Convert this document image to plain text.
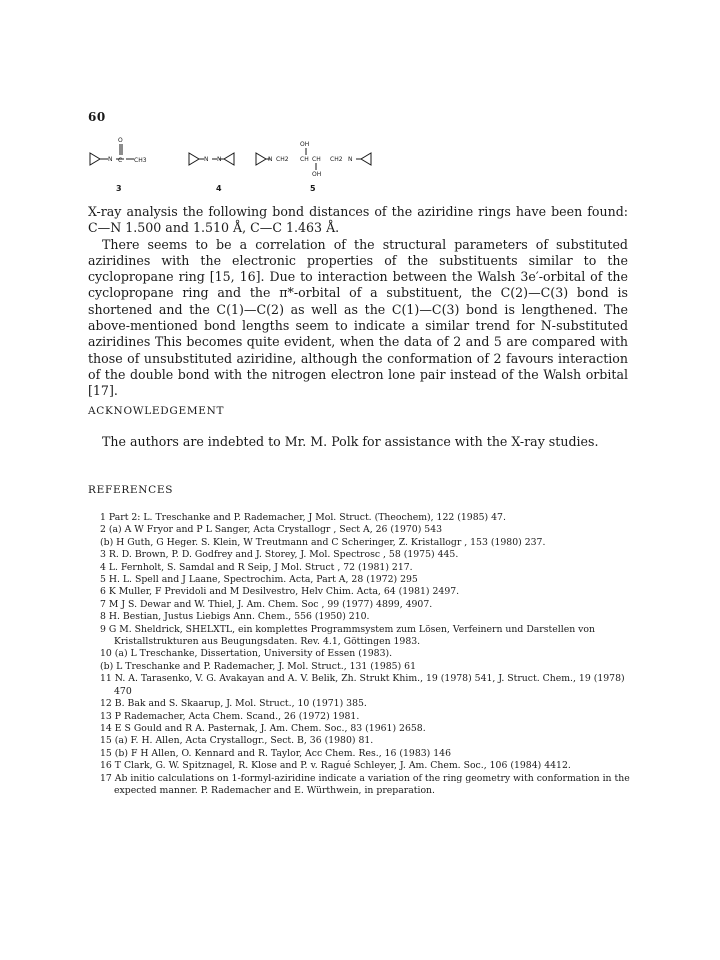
60
N
O
C CH3	N N	N CH2 CH
OH
CH
OH
CH2 N
3	4	5

X-ray analysis the following bond distances of the aziridine rings have been found: C—N 1.500 and 1.510 Å, C—C 1.463 Å.

There seems to be a correlation of the structural parameters of substituted aziridines with the electronic properties of the substituents similar to the cyclopropane ring [15, 16]. Due to interaction between the Walsh 3e′-orbital of the cyclopropane ring and the π*-orbital of a substituent, the C(2)—C(3) bond is shortened and the C(1)—C(2) as well as the C(1)—C(3) bond is lengthened. The above-mentioned bond lengths seem to indicate a similar trend for N-substituted aziridines This becomes quite evident, when the data of 2 and 5 are compared with those of unsubstituted aziridine, although the conformation of 2 favours interaction of the double bond with the nitrogen electron lone pair instead of the Walsh orbital [17].

ACKNOWLEDGEMENT

The authors are indebted to Mr. M. Polk for assistance with the X-ray studies.

REFERENCES
1 Part 2: L. Treschanke and P. Rademacher, J Mol. Struct. (Theochem), 122 (1985) 47.
2 (a) A W Fryor and P L Sanger, Acta Crystallogr , Sect A, 26 (1970) 543
(b) H Guth, G Heger. S. Klein, W Treutmann and C Scheringer, Z. Kristallogr , 153 (1980) 237.
3 R. D. Brown, P. D. Godfrey and J. Storey, J. Mol. Spectrosc , 58 (1975) 445.
4 L. Fernholt, S. Samdal and R Seip, J Mol. Struct , 72 (1981) 217.
5 H. L. Spell and J Laane, Spectrochim. Acta, Part A, 28 (1972) 295
6 K Muller, F Previdoli and M Desilvestro, Helv Chim. Acta, 64 (1981) 2497.
7 M J S. Dewar and W. Thiel, J. Am. Chem. Soc , 99 (1977) 4899, 4907.
8 H. Bestian, Justus Liebigs Ann. Chem., 556 (1950) 210.
9 G M. Sheldrick, SHELXTL, ein komplettes Programmsystem zum Lösen, Verfeinern und Darstellen von Kristallstrukturen aus Beugungsdaten. Rev. 4.1, Göttingen 1983.
10 (a) L Treschanke, Dissertation, University of Essen (1983).
(b) L Treschanke and P. Rademacher, J. Mol. Struct., 131 (1985) 61
11 N. A. Tarasenko, V. G. Avakayan and A. V. Belik, Zh. Strukt Khim., 19 (1978) 541, J. Struct. Chem., 19 (1978) 470
12 B. Bak and S. Skaarup, J. Mol. Struct., 10 (1971) 385.
13 P Rademacher, Acta Chem. Scand., 26 (1972) 1981.
14 E S Gould and R A. Pasternak, J. Am. Chem. Soc., 83 (1961) 2658.
15 (a) F. H. Allen, Acta Crystallogr., Sect. B, 36 (1980) 81.
15 (b) F H Allen, O. Kennard and R. Taylor, Acc Chem. Res., 16 (1983) 146
16 T Clark, G. W. Spitznagel, R. Klose and P. v. Ragué Schleyer, J. Am. Chem. Soc., 106 (1984) 4412.
17 Ab initio calculations on 1-formyl-aziridine indicate a variation of the ring geometry with conformation in the expected manner. P. Rademacher and E. Würthwein, in preparation.
